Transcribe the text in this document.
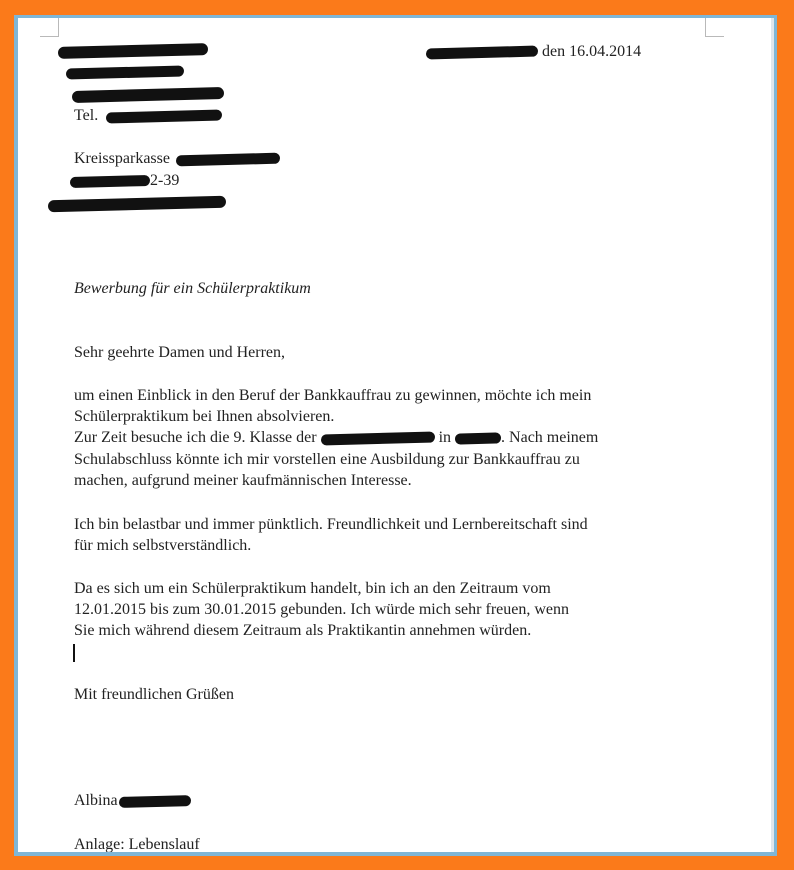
Tel.
den 16.04.2014
Kreissparkasse
2-39
Bewerbung für ein Schülerpraktikum
Sehr geehrte Damen und Herren,
um einen Einblick in den Beruf der Bankkauffrau zu gewinnen, möchte ich mein
Schülerpraktikum bei Ihnen absolvieren.
Zur Zeit besuche ich die 9. Klasse der	in	. Nach meinem
Schulabschluss könnte ich mir vorstellen eine Ausbildung zur Bankkauffrau zu
machen, aufgrund meiner kaufmännischen Interesse.
Ich bin belastbar und immer pünktlich. Freundlichkeit und Lernbereitschaft sind
für mich selbstverständlich.
Da es sich um ein Schülerpraktikum handelt, bin ich an den Zeitraum vom
12.01.2015 bis zum 30.01.2015 gebunden. Ich würde mich sehr freuen, wenn
Sie mich während diesem Zeitraum als Praktikantin annehmen würden.
Mit freundlichen Grüßen
Albina
Anlage: Lebenslauf
